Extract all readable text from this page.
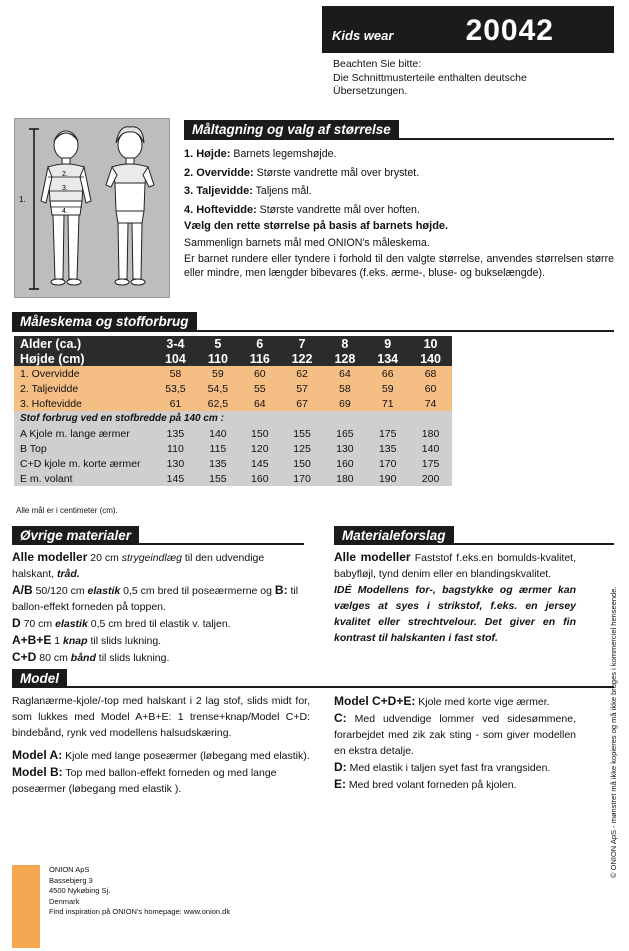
Kids wear 20042
Beachten Sie bitte:
Die Schnittmusterteile enthalten deutsche
Übersetzungen.
1.
2.
3.
4.
Måltagning og valg af størrelse
1. Højde: Barnets legemshøjde.
2. Overvidde: Største vandrette mål over brystet.
3. Taljevidde: Taljens mål.
4. Hoftevidde: Største vandrette mål over hoften.
Vælg den rette størrelse på basis af barnets højde.
Sammenlign barnets mål med ONION's måleskema.
Er barnet rundere eller tyndere i forhold til den valgte størrelse, anvendes størrelsen større eller mindre, men længder bibevares (f.eks. ærme-, bluse- og bukselængde).
Måleskema og stofforbrug
Alder (ca.)	3-4	5	6	7	8	9	10
Højde (cm)	104	110	116	122	128	134	140
1. Overvidde	58	59	60	62	64	66	68
2. Taljevidde	53,5	54,5	55	57	58	59	60
3. Hoftevidde	61	62,5	64	67	69	71	74
Stof forbrug ved en stofbredde på 140 cm :							
A Kjole m. lange ærmer	135	140	150	155	165	175	180
B Top	110	115	120	125	130	135	140
C+D kjole m. korte ærmer	130	135	145	150	160	170	175
E m. volant	145	155	160	170	180	190	200
Alle mål er i centimeter (cm).
Øvrige materialer
Alle modeller 20 cm strygeindlæg til den udvendige halskant, tråd.
A/B 50/120 cm elastik 0,5 cm bred til poseærmerne og B: til ballon-effekt forneden på toppen.
D 70 cm elastik 0,5 cm bred til elastik v. taljen.
A+B+E 1 knap til slids lukning.
C+D 80 cm bånd til slids lukning.
Materialeforslag
Alle modeller Faststof f.eks.en bomulds-kvalitet, babyfløjl, tynd denim eller en blandingskvalitet.
IDÉ Modellens for-, bagstykke og ærmer kan vælges at syes i strikstof, f.eks. en jersey kvalitet eller strechtvelour. Det giver en fin kontrast til halskanten i fast stof.
Model
Raglanærme-kjole/-top med halskant i 2 lag stof, slids midt for, som lukkes med Model A+B+E: 1 trense+knap/Model C+D: bindebånd, rynk ved modellens halsudskæring.
Model A: Kjole med lange poseærmer (løbegang med elastik).
Model B: Top med ballon-effekt forneden og med lange poseærmer (løbegang med elastik ).
Model C+D+E: Kjole med korte vige ærmer.
C: Med udvendige lommer ved sidesømmene, forarbejdet med zik zak sting - som giver modellen en ekstra detalje.
D: Med elastik i taljen syet fast fra vrangsiden.
E: Med bred volant forneden på kjolen.
ONION ApS
Bassebjerg 3
4500 Nykøbing Sj.
Denmark
Find inspiration på ONION's homepage: www.onion.dk
© ONION ApS - mønstret må ikke kopieres og må ikke bruges i kommerciel henseende.
